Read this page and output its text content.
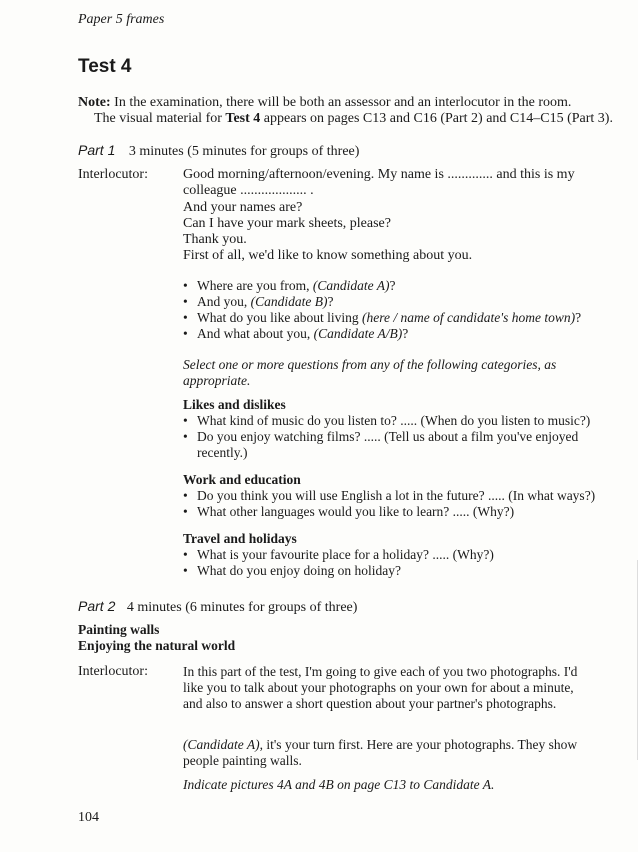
Paper 5 frames
Test 4
Note: In the examination, there will be both an assessor and an interlocutor in the room.
The visual material for Test 4 appears on pages C13 and C16 (Part 2) and C14–C15 (Part 3).
Part 1 3 minutes (5 minutes for groups of three)
Interlocutor:	Good morning/afternoon/evening. My name is ............. and this is my
colleague ................... .
And your names are?
Can I have your mark sheets, please?
Thank you.
First of all, we'd like to know something about you.
• Where are you from, (Candidate A)?
• And you, (Candidate B)?
• What do you like about living (here / name of candidate's home town)?
• And what about you, (Candidate A/B)?
Select one or more questions from any of the following categories, as appropriate.
Likes and dislikes
• What kind of music do you listen to? ..... (When do you listen to music?)
• Do you enjoy watching films? ..... (Tell us about a film you've enjoyed recently.)
Work and education
• Do you think you will use English a lot in the future? ..... (In what ways?)
• What other languages would you like to learn? ..... (Why?)
Travel and holidays
• What is your favourite place for a holiday? ..... (Why?)
• What do you enjoy doing on holiday?
Part 2 4 minutes (6 minutes for groups of three)
Painting walls
Enjoying the natural world
Interlocutor:	In this part of the test, I'm going to give each of you two photographs. I'd like you to talk about your photographs on your own for about a minute, and also to answer a short question about your partner's photographs.
(Candidate A), it's your turn first. Here are your photographs. They show people painting walls.
Indicate pictures 4A and 4B on page C13 to Candidate A.
104
